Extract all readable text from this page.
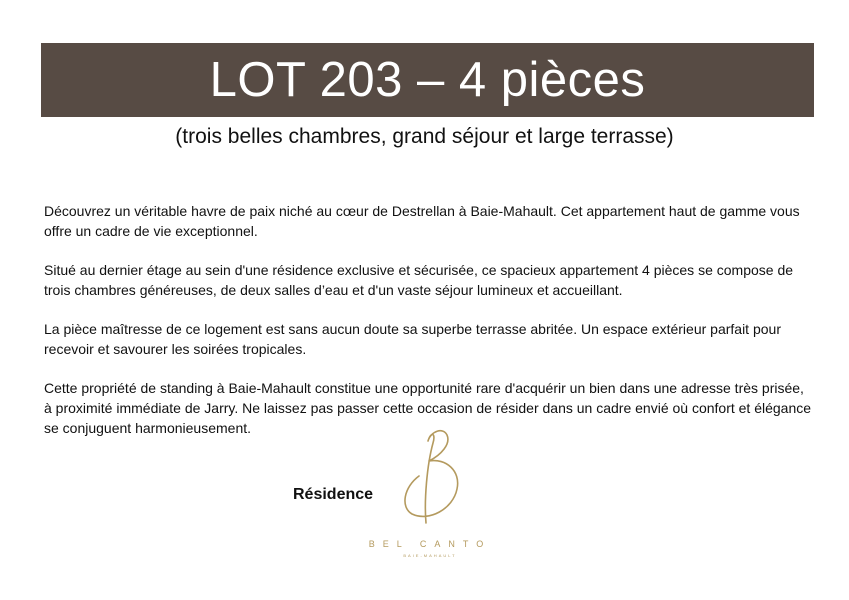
LOT 203 – 4 pièces
(trois belles chambres, grand séjour et large terrasse)

Découvrez un véritable havre de paix niché au cœur de Destrellan à Baie-Mahault. Cet appartement haut de gamme vous offre un cadre de vie exceptionnel.

Situé au dernier étage au sein d'une résidence exclusive et sécurisée, ce spacieux appartement 4 pièces se compose de trois chambres généreuses, de deux salles d’eau et d'un vaste séjour lumineux et accueillant.

La pièce maîtresse de ce logement est sans aucun doute sa superbe terrasse abritée. Un espace extérieur parfait pour recevoir et savourer les soirées tropicales.

Cette propriété de standing à Baie-Mahault constitue une opportunité rare d'acquérir un bien dans une adresse très prisée, à proximité immédiate de Jarry. Ne laissez pas passer cette occasion de résider dans un cadre envié où confort et élégance se conjuguent harmonieusement.

Résidence
BEL CANTO
BAIE-MAHAULT
